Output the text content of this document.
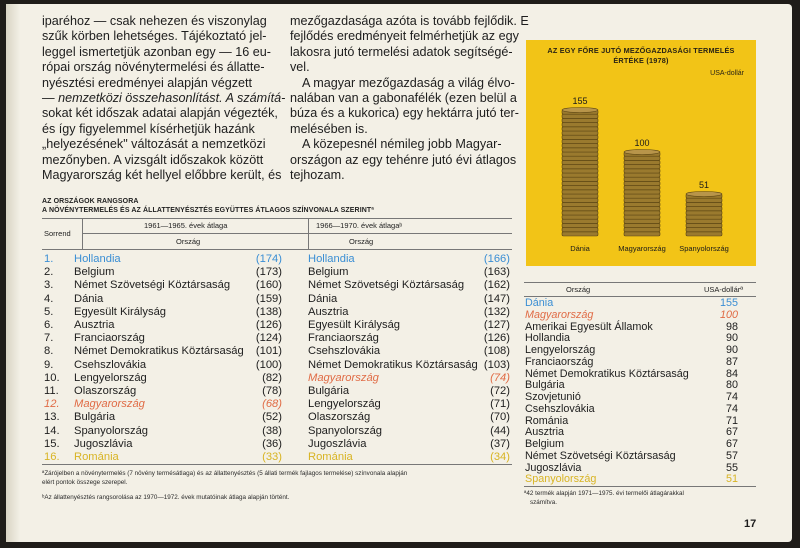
iparéhoz — csak nehezen és viszonylag
szűk körben lehetséges. Tájékoztató jel-
leggel ismertetjük azonban egy — 16 eu-
rópai ország növénytermelési és állatte-
nyésztési eredményei alapján végzett
— nemzetközi összehasonlítást. A számítá-
sokat két időszak adatai alapján végezték,
és így figyelemmel kísérhetjük hazánk
„helyezésének" változását a nemzetközi
mezőnyben. A vizsgált időszakok között
Magyarország két hellyel előbbre került, és
mezőgazdasága azóta is tovább fejlődik. E
fejlődés eredményeit felmérhetjük az egy
lakosra jutó termelési adatok segítségé-
vel.
A magyar mezőgazdaság a világ élvo-
nalában van a gabonafélék (ezen belül a
búza és a kukorica) egy hektárra jutó ter-
melésében is.
A közepesnél némileg jobb Magyar-
országon az egy tehénre jutó évi átlagos
tejhozam.
AZ EGY FŐRE JUTÓ MEZŐGAZDASÁGI TERMELÉS ÉRTÉKE (1978)
USA-dollár
155
Dánia
100
Magyarország
51
Spanyolország
AZ ORSZÁGOK RANGSORA
A NÖVÉNYTERMELÉS ÉS AZ ÁLLATTENYÉSZTÉS EGYÜTTES ÁTLAGOS SZÍNVONALA SZERINTª
1961—1965. évek átlaga	1966—1970. évek átlagaᵇ
Sorrend
Ország	Ország
ªZárójelben a növénytermelés (7 növény termésátlaga) és az állattenyésztés (5 állati termék fajlagos termelése) színvonala alapján
elért pontok összege szerepel.
ᵇAz állattenyésztés rangsorolása az 1970—1972. évek mutatóinak átlaga alapján történt.
Ország	USA-dollárª
ª42 termék alapján 1971—1975. évi termelői átlagárakkal
számítva.
17
1.	Hollandia	(174) Hollandia	(166)
2.	Belgium	(173) Belgium	(163)
3.	Német Szövetségi Köztársaság	(160) Német Szövetségi Köztársaság	(162)
4.	Dánia	(159) Dánia	(147)
5.	Egyesült Királyság	(138) Ausztria	(132)
6.	Ausztria	(126) Egyesült Királyság	(127)
7.	Franciaország	(124) Franciaország	(126)
8.	Német Demokratikus Köztársaság	(101) Csehszlovákia	(108)
9.	Csehszlovákia	(100) Német Demokratikus Köztársaság (103)
10.	Lengyelország	(82) Magyarország	(74)
11.	Olaszország	(78) Bulgária	(72)
12.	Magyarország	(68) Lengyelország	(71)
13.	Bulgária	(52) Olaszország	(70)
14.	Spanyolország	(38) Spanyolország	(44)
15.	Jugoszlávia	(36) Jugoszlávia	(37)
16.	Románia	(33) Románia	(34)
Dánia	155
Magyarország	100
Amerikai Egyesült Államok	98
Hollandia	90
Lengyelország	90
Franciaország	87
Német Demokratikus Köztársaság	84
Bulgária	80
Szovjetunió	74
Csehszlovákia	74
Románia	71
Ausztria	67
Belgium	67
Német Szövetségi Köztársaság	57
Jugoszlávia	55
Spanyolország	51
